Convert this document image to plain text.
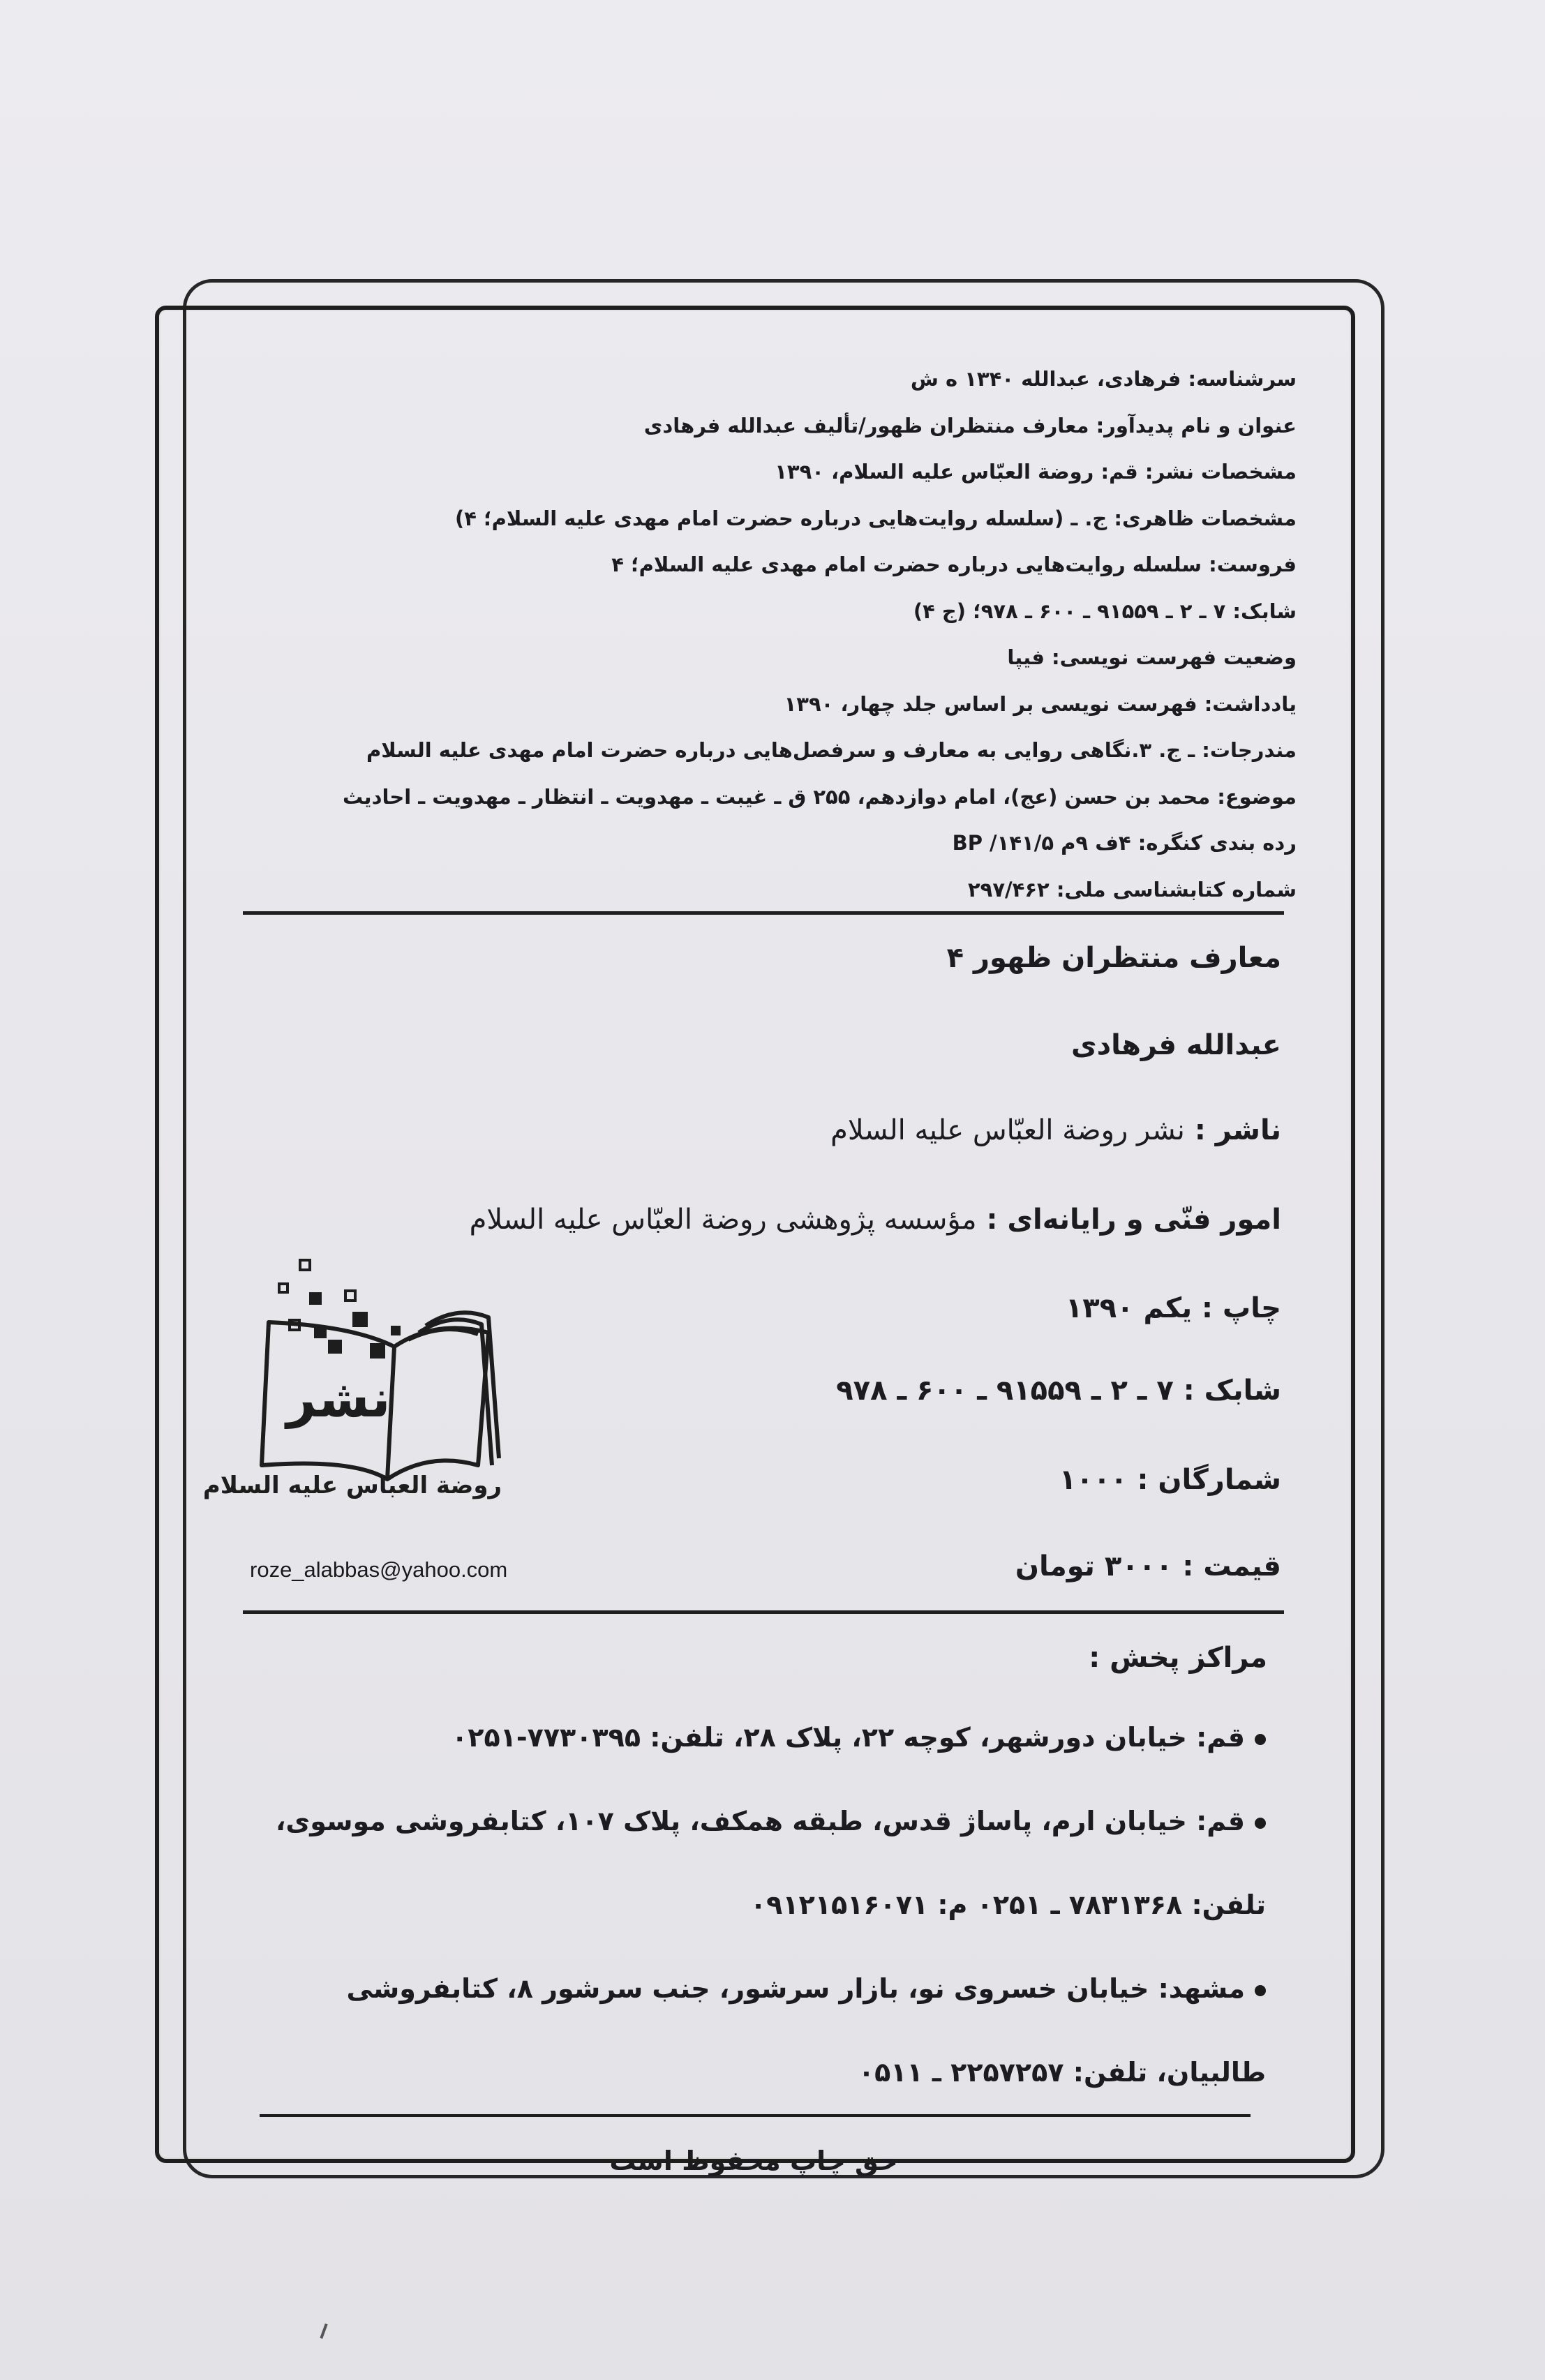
سرشناسه: فرهادی، عبدالله ۱۳۴۰ ه ش
عنوان و نام پدیدآور: معارف منتظران ظهور/تألیف عبدالله فرهادی
مشخصات نشر: قم: روضة العبّاس علیه السلام، ۱۳۹۰
مشخصات ظاهری: ج. ـ (سلسله روایت‌هایی درباره حضرت امام مهدی علیه السلام؛ ۴)
فروست: سلسله روایت‌هایی درباره حضرت امام مهدی علیه السلام؛ ۴
شابک: ۷ ـ ۲ ـ ۹۱۵۵۹ ـ ۶۰۰ ـ ۹۷۸؛ (ج ۴)
وضعیت فهرست نویسی: فیپا
یادداشت: فهرست نویسی بر اساس جلد چهار، ۱۳۹۰
مندرجات: ـ ج. ۳.نگاهی روایی به معارف و سرفصل‌هایی درباره حضرت امام مهدی علیه السلام
موضوع: محمد بن حسن (عج)، امام دوازدهم، ۲۵۵ ق ـ غیبت ـ مهدویت ـ انتظار ـ مهدویت ـ احادیث
رده بندی کنگره: ۴ف ۹م ۱۴۱/۵/ BP
شماره کتابشناسی ملی: ۲۹۷/۴۶۲
معارف منتظران ظهور ۴
عبدالله فرهادی
ناشر : نشر روضة العبّاس علیه السلام
امور فنّی و رایانه‌ای : مؤسسه پژوهشی روضة العبّاس علیه السلام
چاپ : یکم ۱۳۹۰
شابک : ۷ ـ ۲ ـ ۹۱۵۵۹ ـ ۶۰۰ ـ ۹۷۸
شمارگان : ۱۰۰۰
قیمت : ۳۰۰۰ تومان
نشر
روضة العباس علیه السلام
roze_alabbas@yahoo.com
مراکز پخش :
قم: خیابان دورشهر، کوچه ۲۲، پلاک ۲۸، تلفن: ۷۷۳۰۳۹۵-۰۲۵۱
قم: خیابان ارم، پاساژ قدس، طبقه همکف، پلاک ۱۰۷، کتابفروشی موسوی،
تلفن: ۷۸۳۱۳۶۸ ـ ۰۲۵۱ م: ۰۹۱۲۱۵۱۶۰۷۱
مشهد: خیابان خسروی نو، بازار سرشور، جنب سرشور ۸، کتابفروشی
طالبیان، تلفن: ۲۲۵۷۲۵۷ ـ ۰۵۱۱
حق چاپ محفوظ است
